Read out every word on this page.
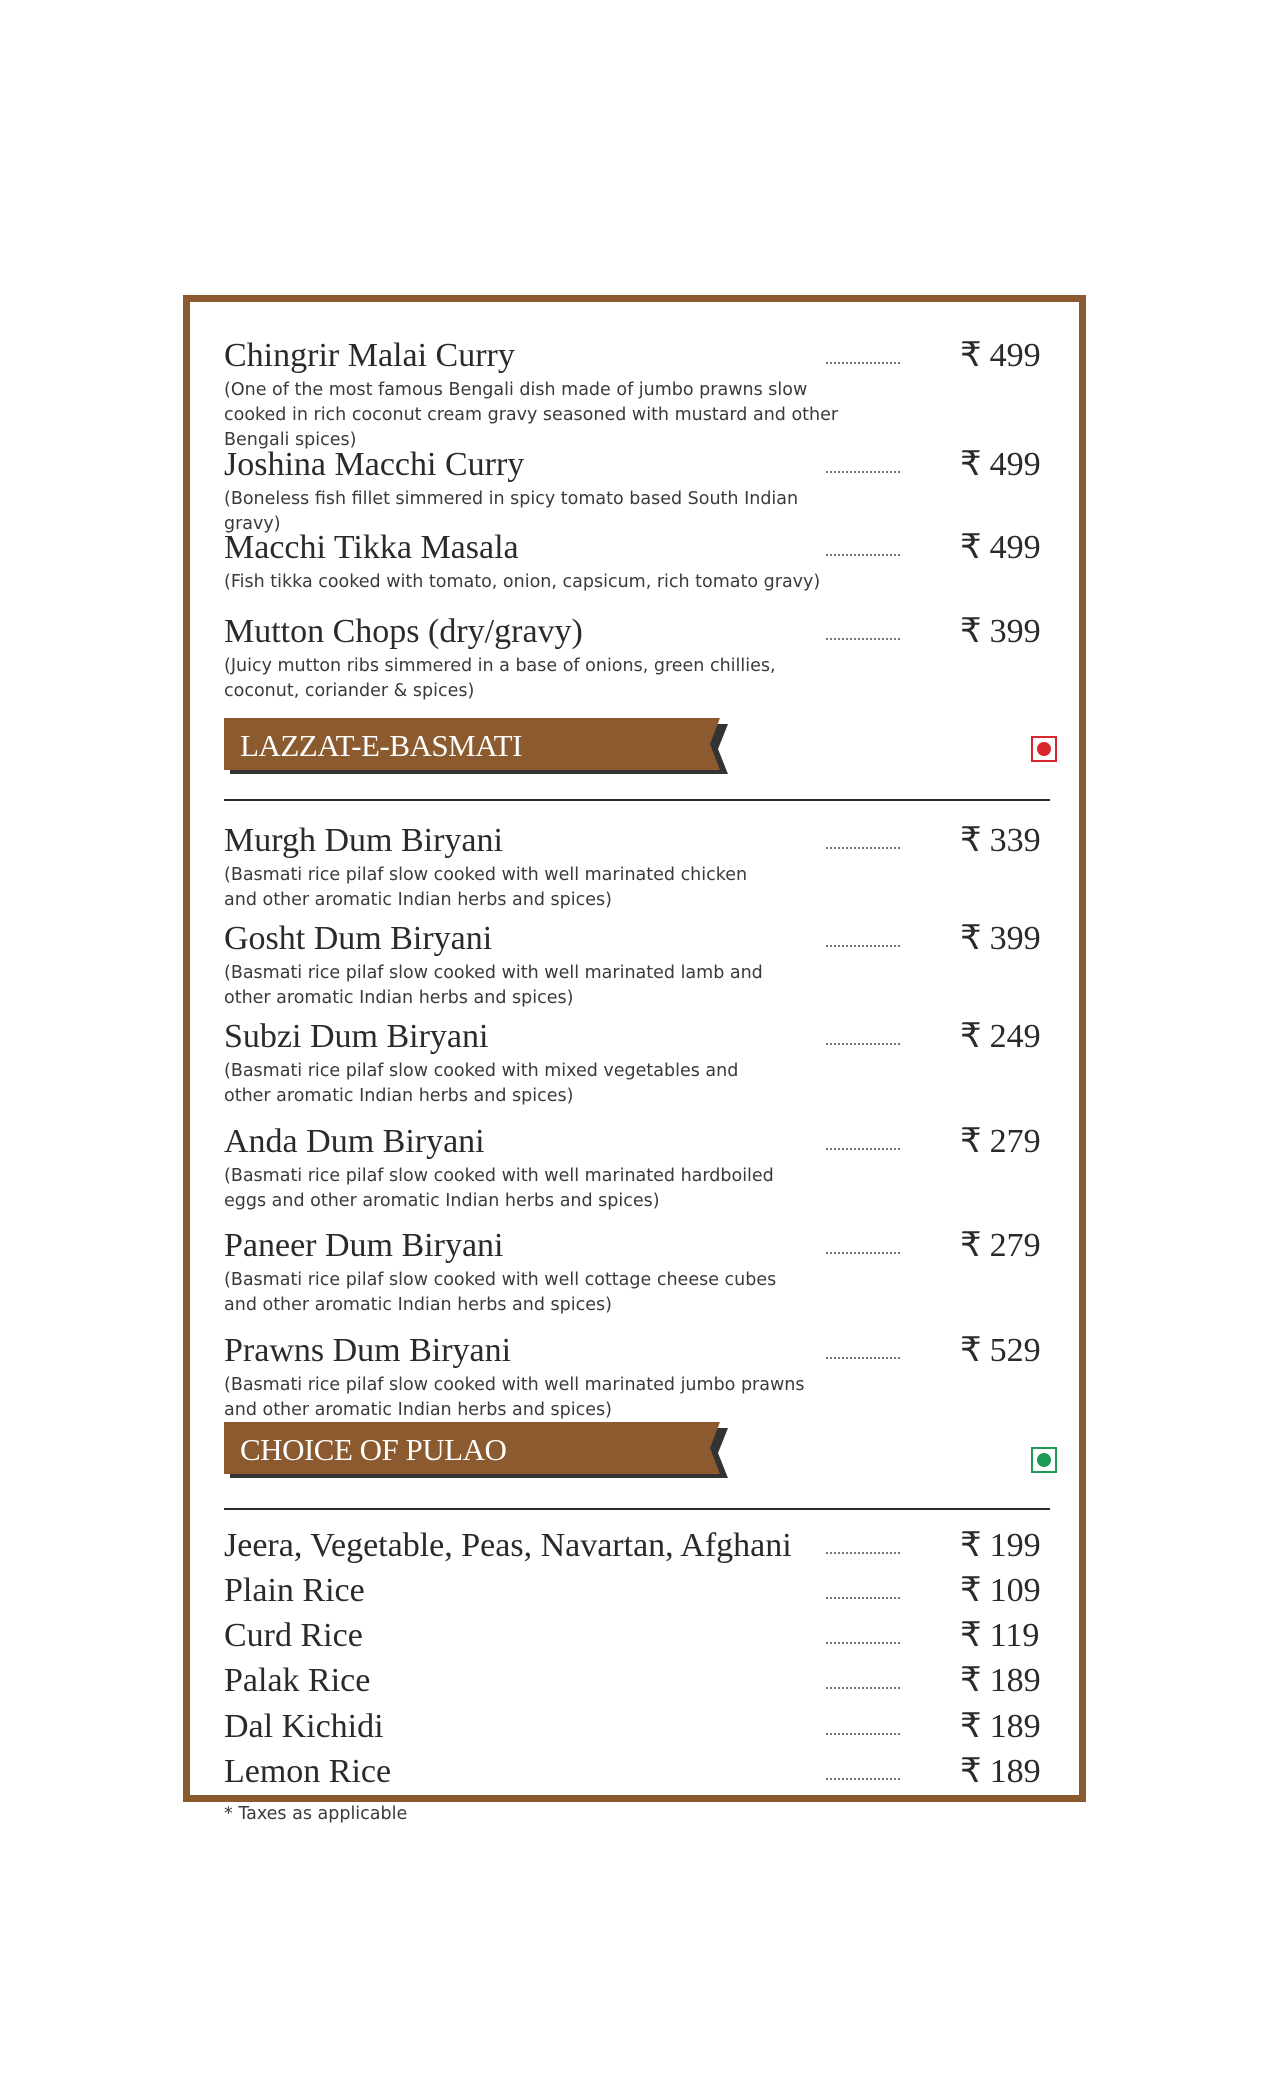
Chingrir Malai Curry
(One of the most famous Bengali dish made of jumbo prawns slow cooked in rich coconut cream gravy seasoned with mustard and other Bengali spices)
₹ 499
Joshina Macchi Curry
(Boneless fish fillet simmered in spicy tomato based South Indian gravy)
₹ 499
Macchi Tikka Masala
(Fish tikka cooked with tomato, onion, capsicum, rich tomato gravy)
₹ 499
Mutton Chops (dry/gravy)
(Juicy mutton ribs simmered in a base of onions, green chillies, coconut, coriander & spices)
₹ 399
LAZZAT-E-BASMATI
Murgh Dum Biryani
(Basmati rice pilaf slow cooked with well marinated chicken and other aromatic Indian herbs and spices)
₹ 339
Gosht Dum Biryani
(Basmati rice pilaf slow cooked with well marinated lamb and other aromatic Indian herbs and spices)
₹ 399
Subzi Dum Biryani
(Basmati rice pilaf slow cooked with mixed vegetables and other aromatic Indian herbs and spices)
₹ 249
Anda Dum Biryani
(Basmati rice pilaf slow cooked with well marinated hardboiled eggs and other aromatic Indian herbs and spices)
₹ 279
Paneer Dum Biryani
(Basmati rice pilaf slow cooked with well cottage cheese cubes and other aromatic Indian herbs and spices)
₹ 279
Prawns Dum Biryani
(Basmati rice pilaf slow cooked with well marinated jumbo prawns and other aromatic Indian herbs and spices)
₹ 529
CHOICE OF PULAO
Jeera, Vegetable, Peas, Navartan, Afghani	₹ 199
Plain Rice	₹ 109
Curd Rice	₹ 119
Palak Rice	₹ 189
Dal Kichidi	₹ 189
Lemon Rice	₹ 189
* Taxes as applicable
